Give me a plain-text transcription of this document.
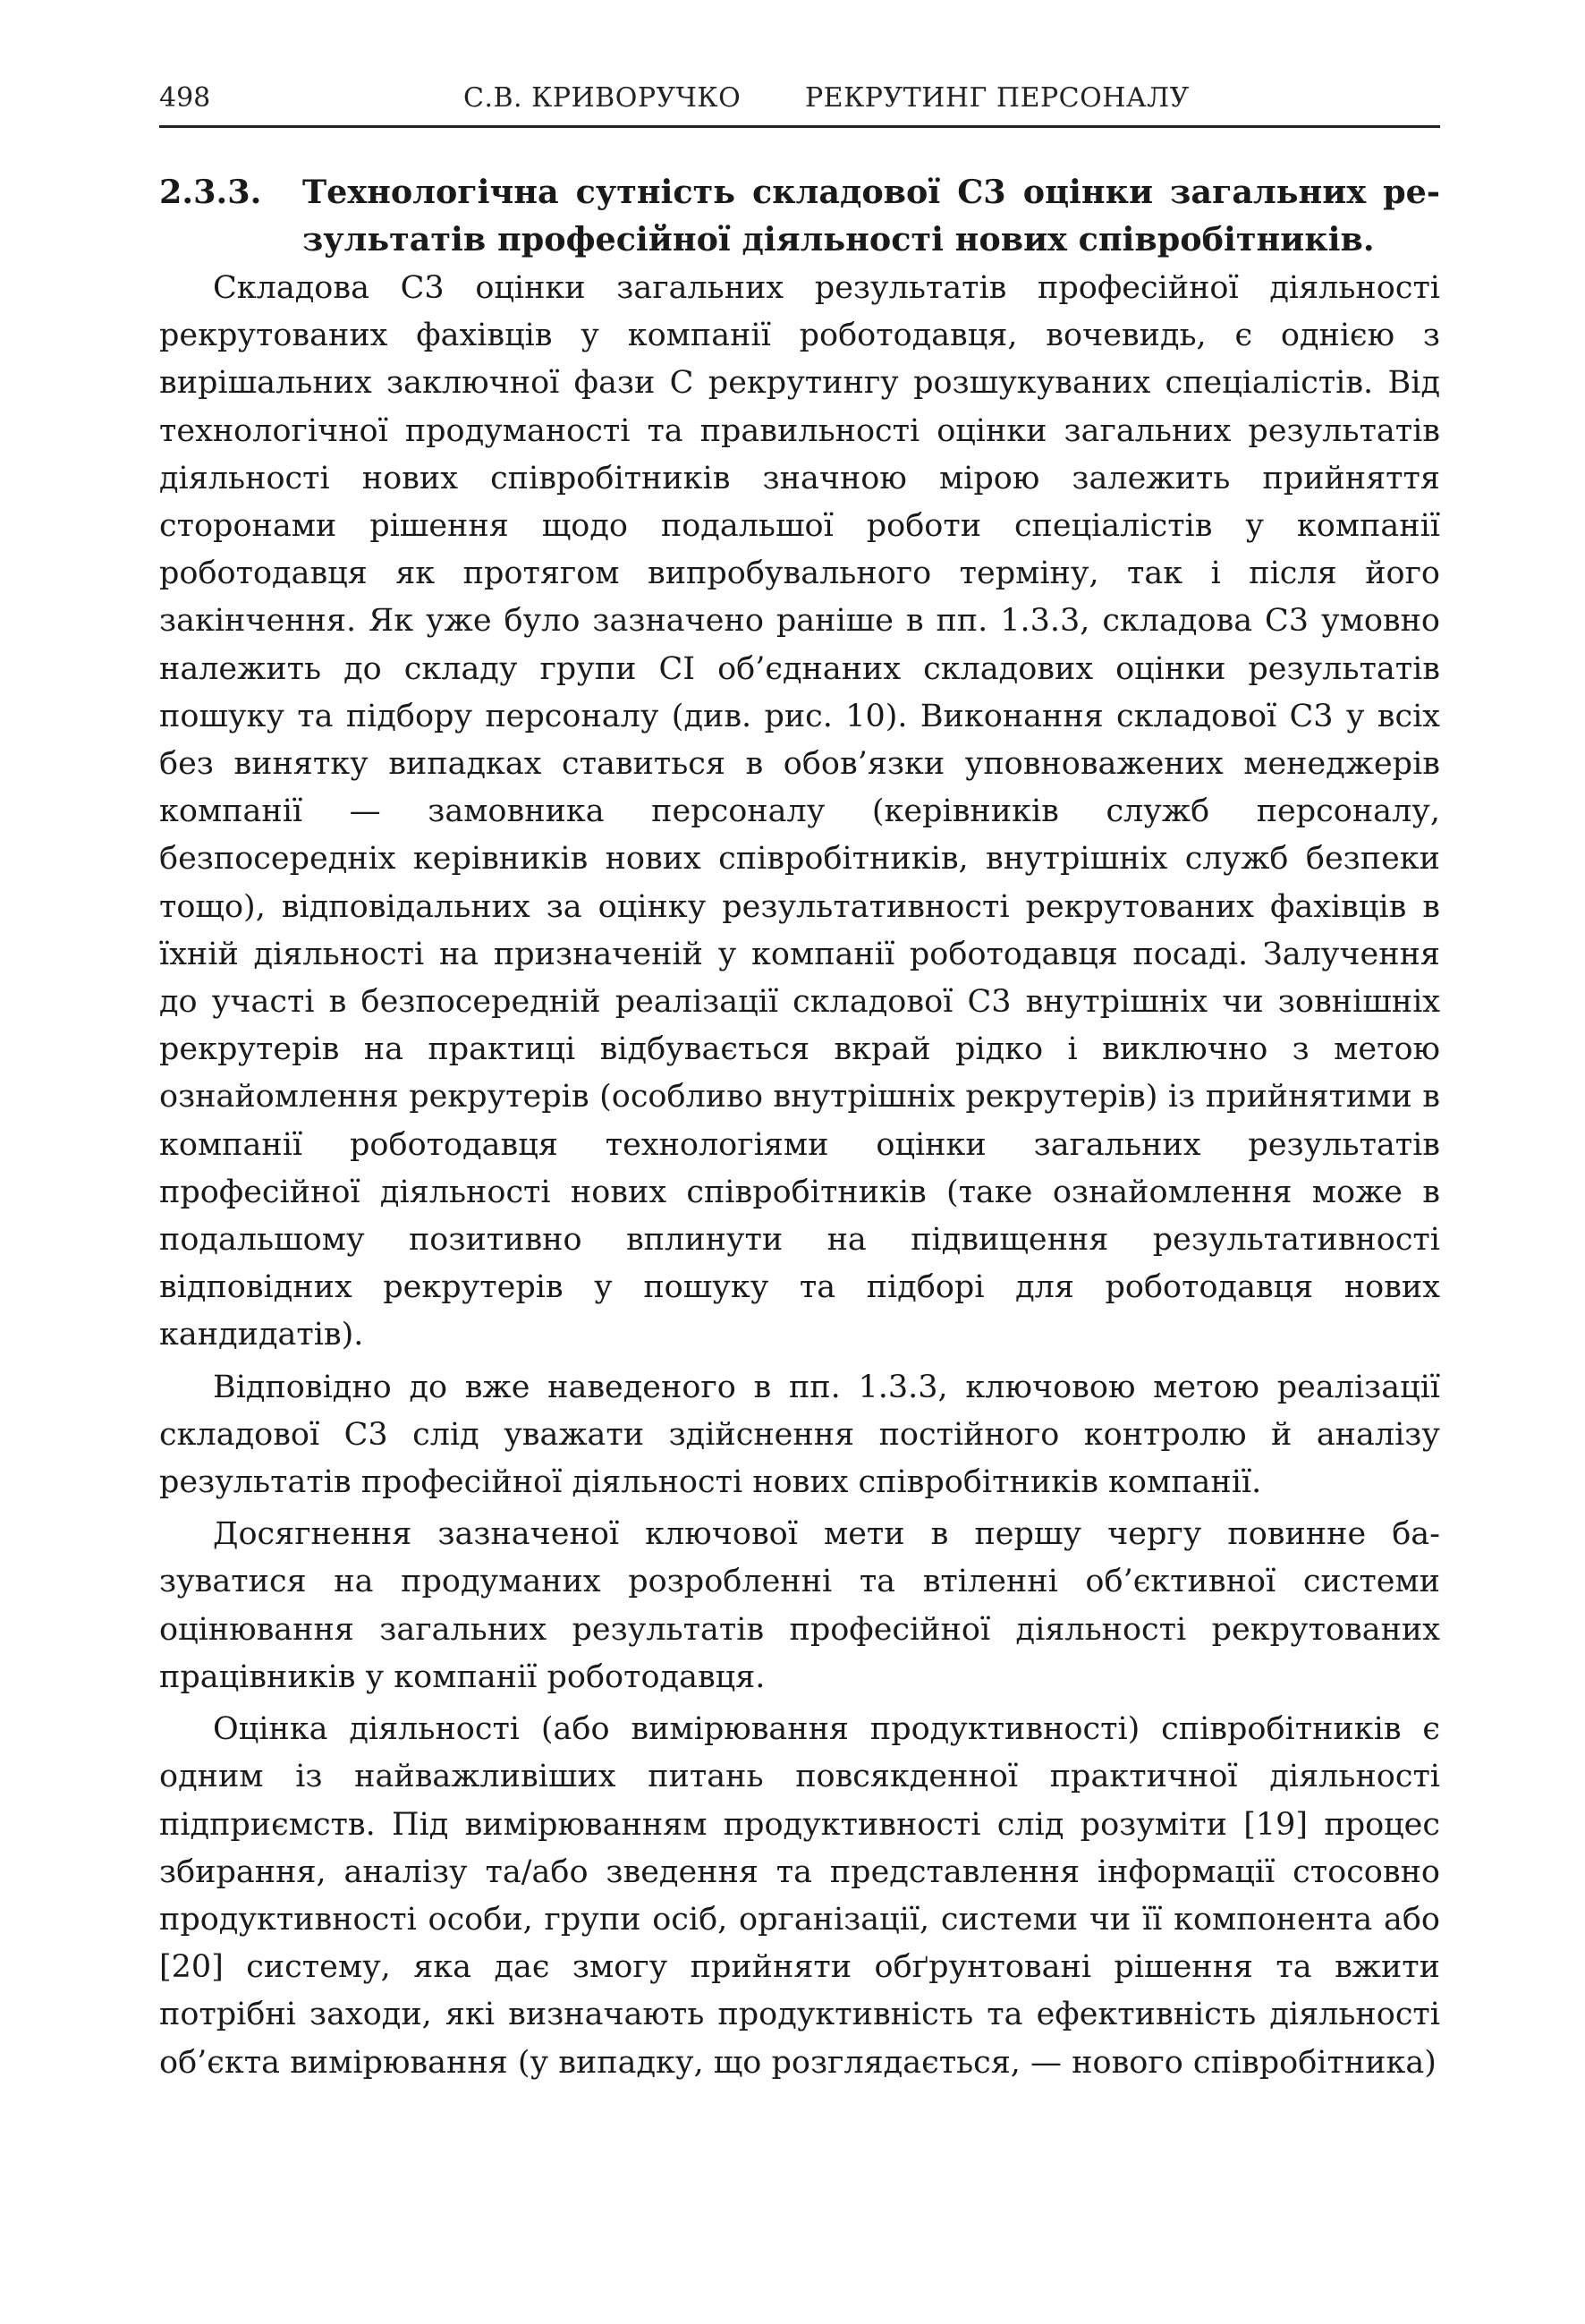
498	С.В. КРИВОРУЧКО РЕКРУТИНГ ПЕРСОНАЛУ
2.3.3. Технологічна сутність складової С3 оцінки загальних результатів професійної діяльності нових співробітників.

Складова С3 оцінки загальних результатів професійної діяльності рекрутованих фахівців у компанії роботодавця, вочевидь, є однією з вирішальних заключної фази С рекрутингу розшукуваних спеціалістів. Від технологічної продуманості та правильності оцінки загальних результатів діяльності нових співробітників значною мірою залежить прийняття сторонами рішення щодо подальшої роботи спеціалістів у компанії роботодавця як протягом випробувального терміну, так і після його закінчення. Як уже було зазначено раніше в пп. 1.3.3, складова С3 умовно належить до складу групи СІ об’єднаних складових оцінки результатів пошуку та підбору персоналу (див. рис. 10). Виконання складової С3 у всіх без винятку випадках ставиться в обов’язки уповноважених менеджерів компанії — замовника персоналу (керівників служб персоналу, безпосередніх керівників нових співробітників, внутрішніх служб безпеки тощо), відповідальних за оцінку результативності рекрутованих фахівців в їхній діяльності на призначеній у компанії роботодавця посаді. Залучення до участі в безпосередній реалізації складової С3 внутрішніх чи зовнішніх рекрутерів на практиці відбувається вкрай рідко і виключно з метою ознайомлення рекрутерів (особливо внутрішніх рекрутерів) із прийнятими в компанії роботодавця технологіями оцінки загальних результатів професійної діяльності нових співробітників (таке ознайомлення може в подальшому позитивно вплинути на підвищення результативності відповідних рекрутерів у пошуку та підборі для роботодавця нових кандидатів).

Відповідно до вже наведеного в пп. 1.3.3, ключовою метою реалізації складової С3 слід уважати здійснення постійного контролю й аналізу результатів професійної діяльності нових співробітників компанії.

Досягнення зазначеної ключової мети в першу чергу повинне базуватися на продуманих розробленні та втіленні об’єктивної системи оцінювання загальних результатів професійної діяльності рекрутованих працівників у компанії роботодавця.

Оцінка діяльності (або вимірювання продуктивності) співробітників є одним із найважливіших питань повсякденної практичної діяльності підприємств. Під вимірюванням продуктивності слід розуміти [19] процес збирання, аналізу та/або зведення та представлення інформації стосовно продуктивності особи, групи осіб, організації, системи чи її компонента або [20] систему, яка дає змогу прийняти обґрунтовані рішення та вжити потрібні заходи, які визначають продуктивність та ефективність діяльності об’єкта вимірювання (у випадку, що розглядається, — нового співробітника)
